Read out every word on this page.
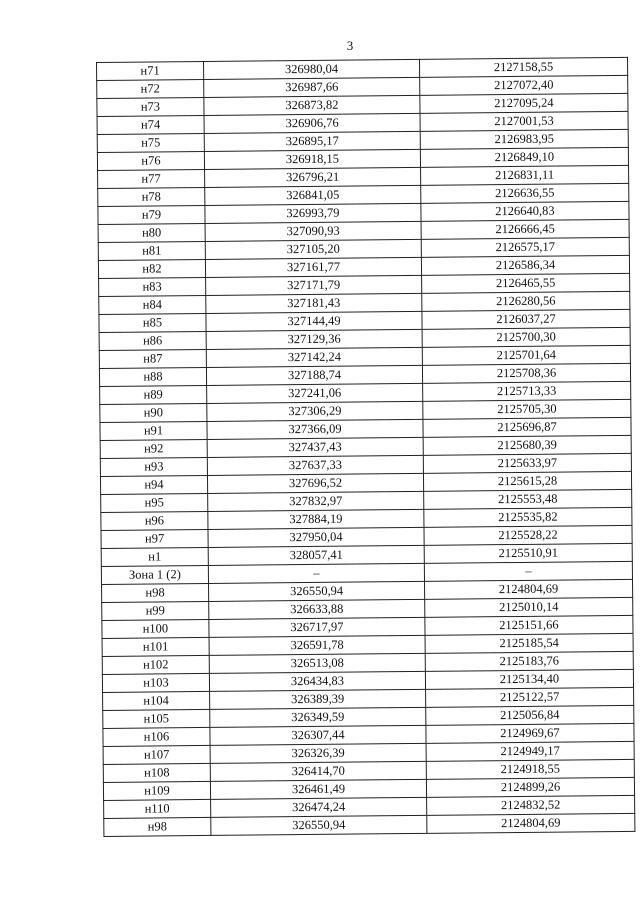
3
н71	326980,04	2127158,55
н72	326987,66	2127072,40
н73	326873,82	2127095,24
н74	326906,76	2127001,53
н75	326895,17	2126983,95
н76	326918,15	2126849,10
н77	326796,21	2126831,11
н78	326841,05	2126636,55
н79	326993,79	2126640,83
н80	327090,93	2126666,45
н81	327105,20	2126575,17
н82	327161,77	2126586,34
н83	327171,79	2126465,55
н84	327181,43	2126280,56
н85	327144,49	2126037,27
н86	327129,36	2125700,30
н87	327142,24	2125701,64
н88	327188,74	2125708,36
н89	327241,06	2125713,33
н90	327306,29	2125705,30
н91	327366,09	2125696,87
н92	327437,43	2125680,39
н93	327637,33	2125633,97
н94	327696,52	2125615,28
н95	327832,97	2125553,48
н96	327884,19	2125535,82
н97	327950,04	2125528,22
н1	328057,41	2125510,91
Зона 1 (2)	–	–
н98	326550,94	2124804,69
н99	326633,88	2125010,14
н100	326717,97	2125151,66
н101	326591,78	2125185,54
н102	326513,08	2125183,76
н103	326434,83	2125134,40
н104	326389,39	2125122,57
н105	326349,59	2125056,84
н106	326307,44	2124969,67
н107	326326,39	2124949,17
н108	326414,70	2124918,55
н109	326461,49	2124899,26
н110	326474,24	2124832,52
н98	326550,94	2124804,69
